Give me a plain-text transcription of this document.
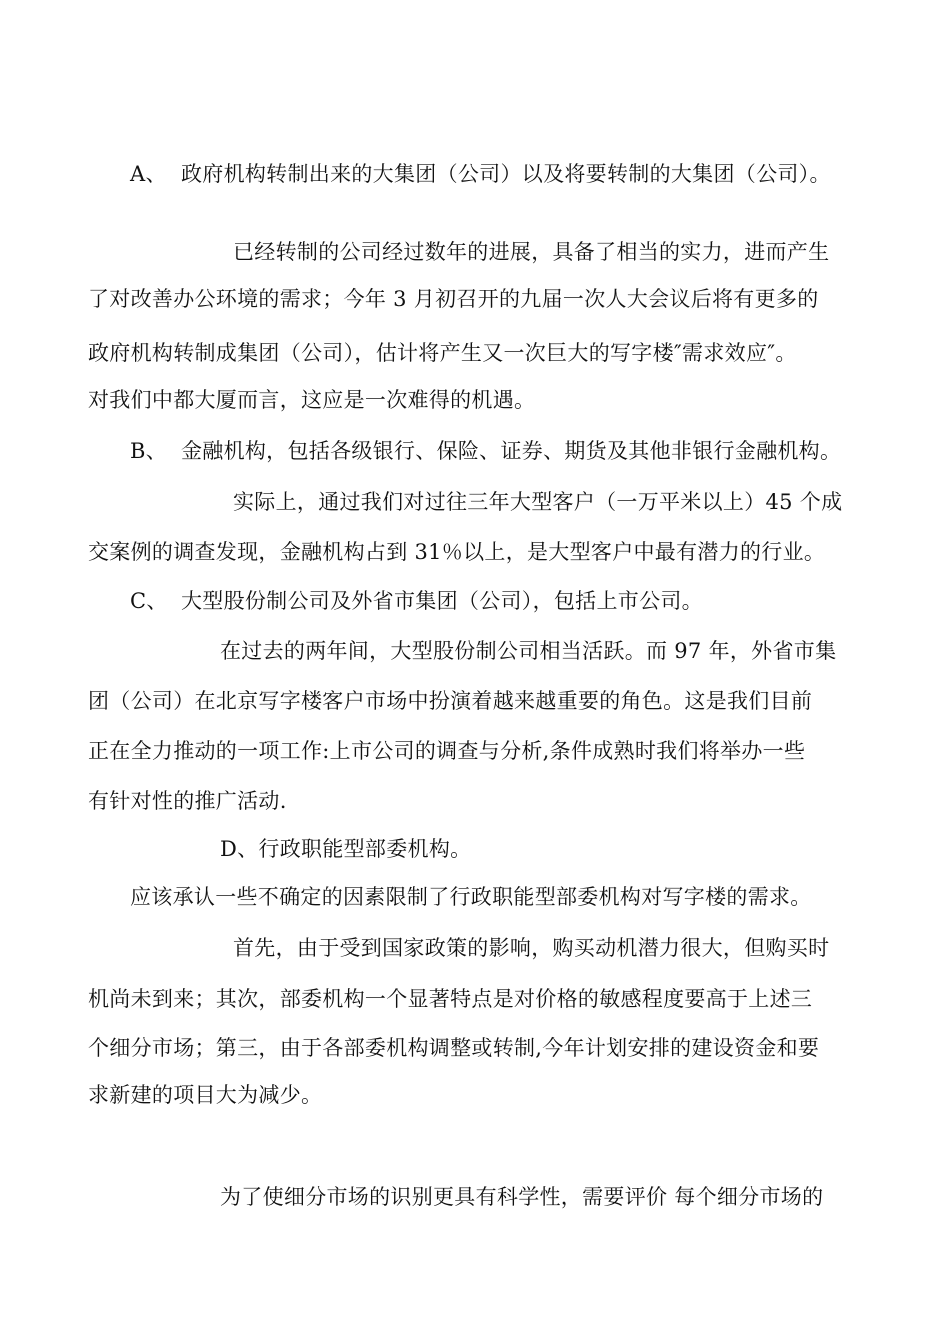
A、 政府机构转制出来的大集团（公司）以及将要转制的大集团（公司）。
已经转制的公司经过数年的进展，具备了相当的实力，进而产生
了对改善办公环境的需求；今年 3 月初召开的九届一次人大会议后将有更多的
政府机构转制成集团（公司），估计将产生又一次巨大的写字楼″需求效应″。
对我们中都大厦而言，这应是一次难得的机遇。
B、 金融机构，包括各级银行、保险、证券、期货及其他非银行金融机构。
实际上，通过我们对过往三年大型客户（一万平米以上）45 个成
交案例的调查发现，金融机构占到 31％以上，是大型客户中最有潜力的行业。
C、 大型股份制公司及外省市集团（公司），包括上市公司。
在过去的两年间，大型股份制公司相当活跃。而 97 年，外省市集
团（公司）在北京写字楼客户市场中扮演着越来越重要的角色。这是我们目前
正在全力推动的一项工作:上市公司的调查与分析,条件成熟时我们将举办一些
有针对性的推广活动.
D、行政职能型部委机构。
应该承认一些不确定的因素限制了行政职能型部委机构对写字楼的需求。
首先，由于受到国家政策的影响，购买动机潜力很大，但购买时
机尚未到来；其次，部委机构一个显著特点是对价格的敏感程度要高于上述三
个细分市场；第三，由于各部委机构调整或转制,今年计划安排的建设资金和要
求新建的项目大为减少。
为了使细分市场的识别更具有科学性，需要评价 每个细分市场的
